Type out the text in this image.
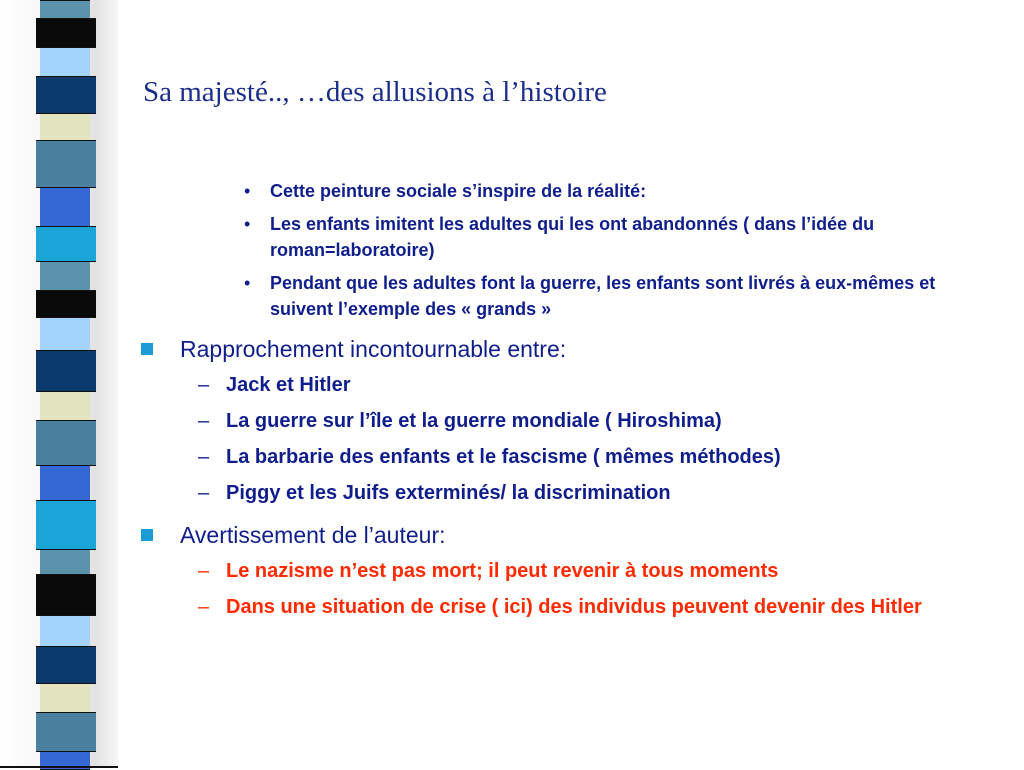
Sa majesté.., …des allusions à l’histoire
• Cette peinture sociale s’inspire de la réalité:
• Les enfants imitent les adultes qui les ont abandonnés ( dans l’idée du roman=laboratoire)
• Pendant que les adultes font la guerre, les enfants sont livrés à eux-mêmes et suivent l’exemple des « grands »
Rapprochement incontournable entre:
– Jack et Hitler
– La guerre sur l’île et la guerre mondiale ( Hiroshima)
– La barbarie des enfants et le fascisme ( mêmes méthodes)
– Piggy et les Juifs exterminés/ la discrimination
Avertissement de l’auteur:
– Le nazisme n’est pas mort; il peut revenir à tous moments
– Dans une situation de crise ( ici) des individus peuvent devenir des Hitler
